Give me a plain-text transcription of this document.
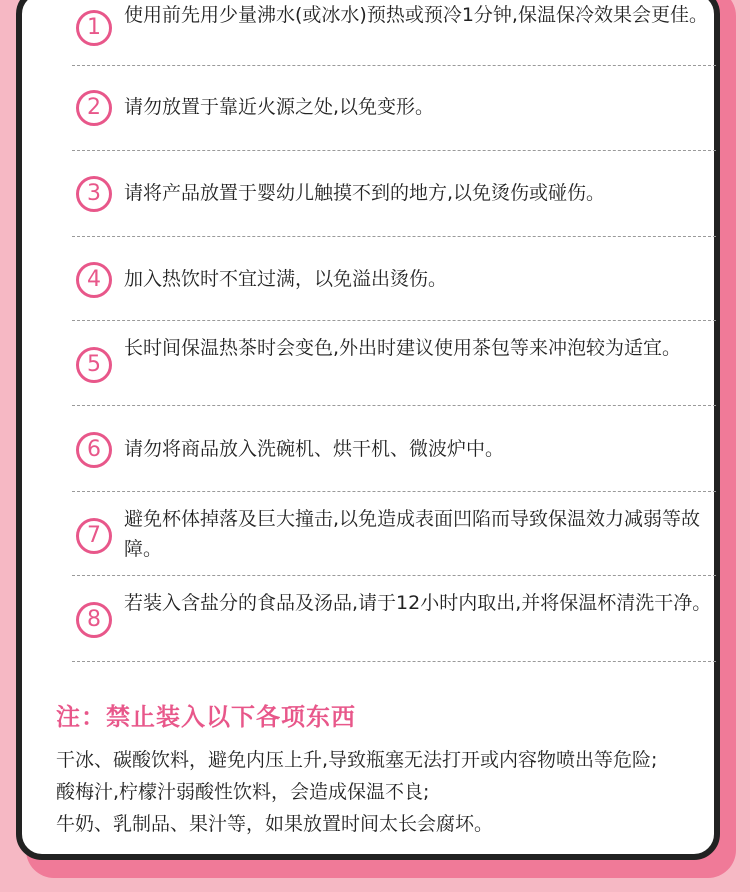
1	使用前先用少量沸水(或冰水)预热或预冷1分钟,保温保冷效果会更佳。
2	请勿放置于靠近火源之处,以免变形。
3	请将产品放置于婴幼儿触摸不到的地方,以免烫伤或碰伤。
4	加入热饮时不宜过满，以免溢出烫伤。
5
长时间保温热茶时会变色,外出时建议使用茶包等来冲泡较为适宜。
6	请勿将商品放入洗碗机、烘干机、微波炉中。
7
避免杯体掉落及巨大撞击,以免造成表面凹陷而导致保温效力减弱等故障。
8
若装入含盐分的食品及汤品,请于12小时内取出,并将保温杯清洗干净。
注：禁止装入以下各项东西
干冰、碳酸饮料，避免内压上升,导致瓶塞无法打开或内容物喷出等危险;
酸梅汁,柠檬汁弱酸性饮料，会造成保温不良;
牛奶、乳制品、果汁等，如果放置时间太长会腐坏。
